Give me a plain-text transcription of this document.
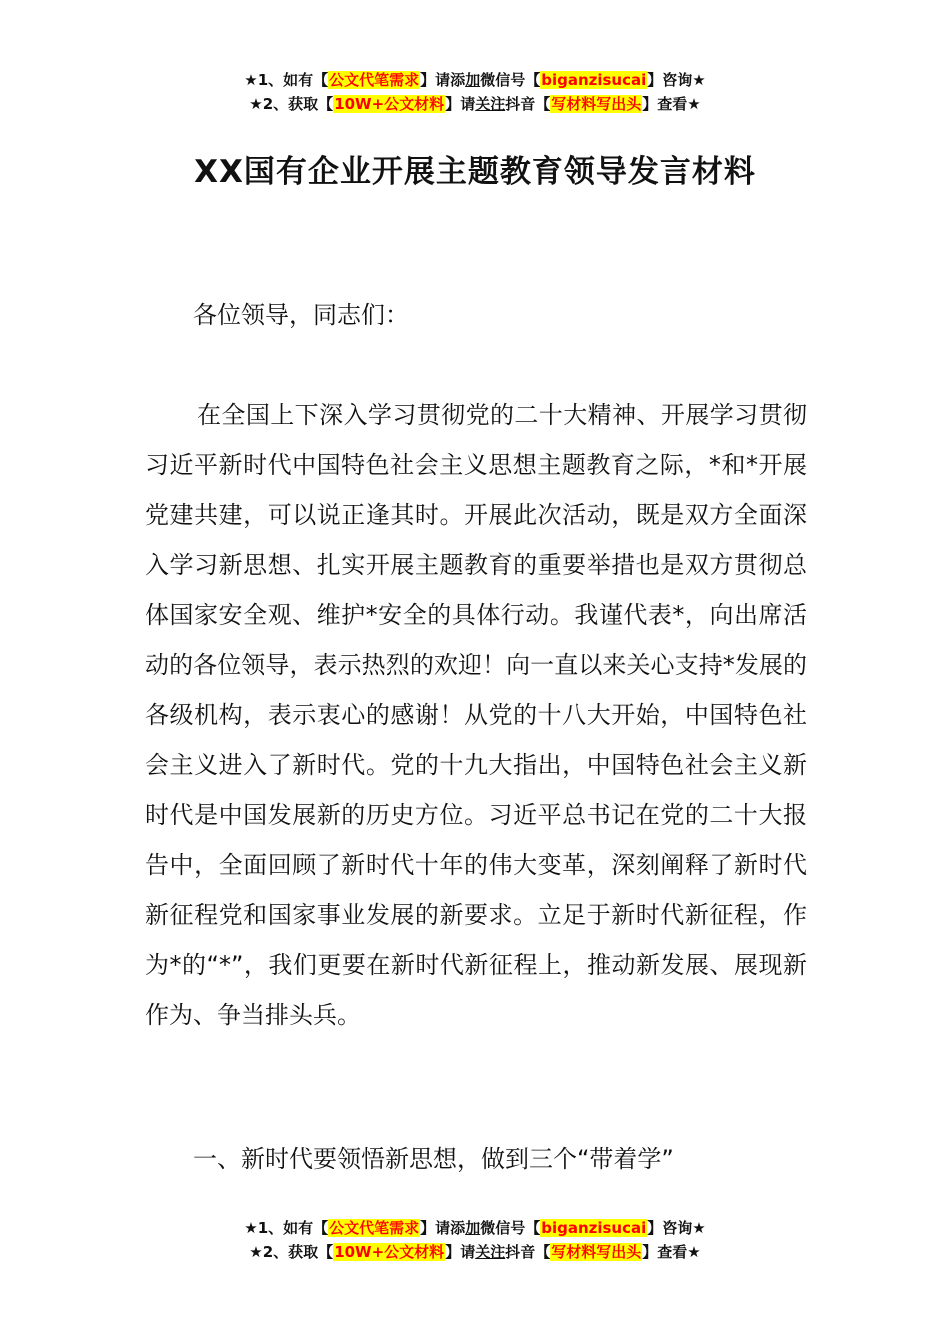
★1、如有【公文代笔需求】请添加微信号【biganzisucai】咨询★
★2、获取【10W+公文材料】请关注抖音【写材料写出头】查看★
XX国有企业开展主题教育领导发言材料
各位领导，同志们：
在全国上下深入学习贯彻党的二十大精神、开展学习贯彻习近平新时代中国特色社会主义思想主题教育之际，*和*开展党建共建，可以说正逢其时。开展此次活动，既是双方全面深入学习新思想、扎实开展主题教育的重要举措也是双方贯彻总体国家安全观、维护*安全的具体行动。我谨代表*，向出席活动的各位领导，表示热烈的欢迎！向一直以来关心支持*发展的各级机构，表示衷心的感谢！从党的十八大开始，中国特色社会主义进入了新时代。党的十九大指出，中国特色社会主义新时代是中国发展新的历史方位。习近平总书记在党的二十大报告中，全面回顾了新时代十年的伟大变革，深刻阐释了新时代新征程党和国家事业发展的新要求。立足于新时代新征程，作为*的“*”，我们更要在新时代新征程上，推动新发展、展现新作为、争当排头兵。
一、新时代要领悟新思想，做到三个“带着学”
★1、如有【公文代笔需求】请添加微信号【biganzisucai】咨询★
★2、获取【10W+公文材料】请关注抖音【写材料写出头】查看★
